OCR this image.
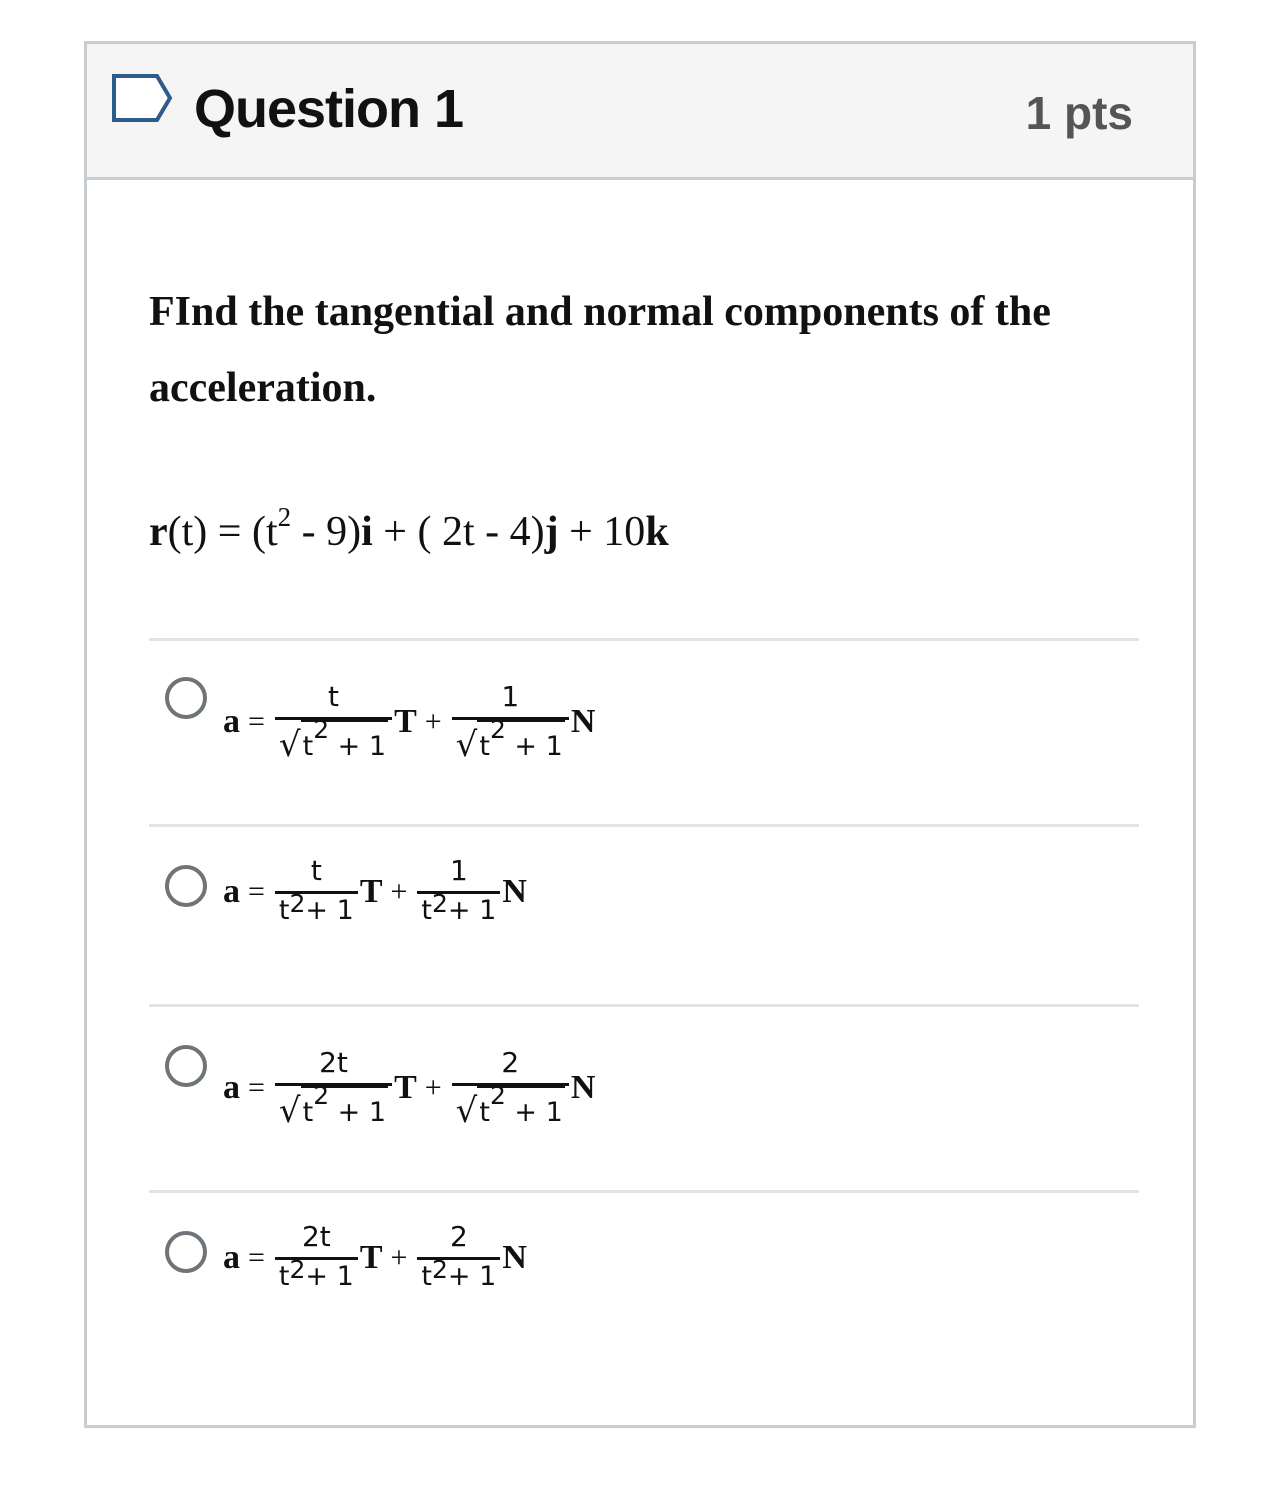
Question 1	1 pts
FInd the tangential and normal components of the acceleration.
$r(t) = (t^2 - 9)i$ + ( 2t - 4)j + 10k
$a = \frac{t}{√ t^2 + 1}$ $T + \frac{1}{√ t^2 + 1}$ N
$a = \frac{t}{t^2 + 1}$ $T + \frac{1}{t^2 + 1}$ N
$a = \frac{2t}{√ t^2 + 1}$ $T + \frac{2}{√ t^2 + 1}$ N
$a = \frac{2t}{t^2 + 1}$ $T + \frac{2}{t^2 + 1}$ N
